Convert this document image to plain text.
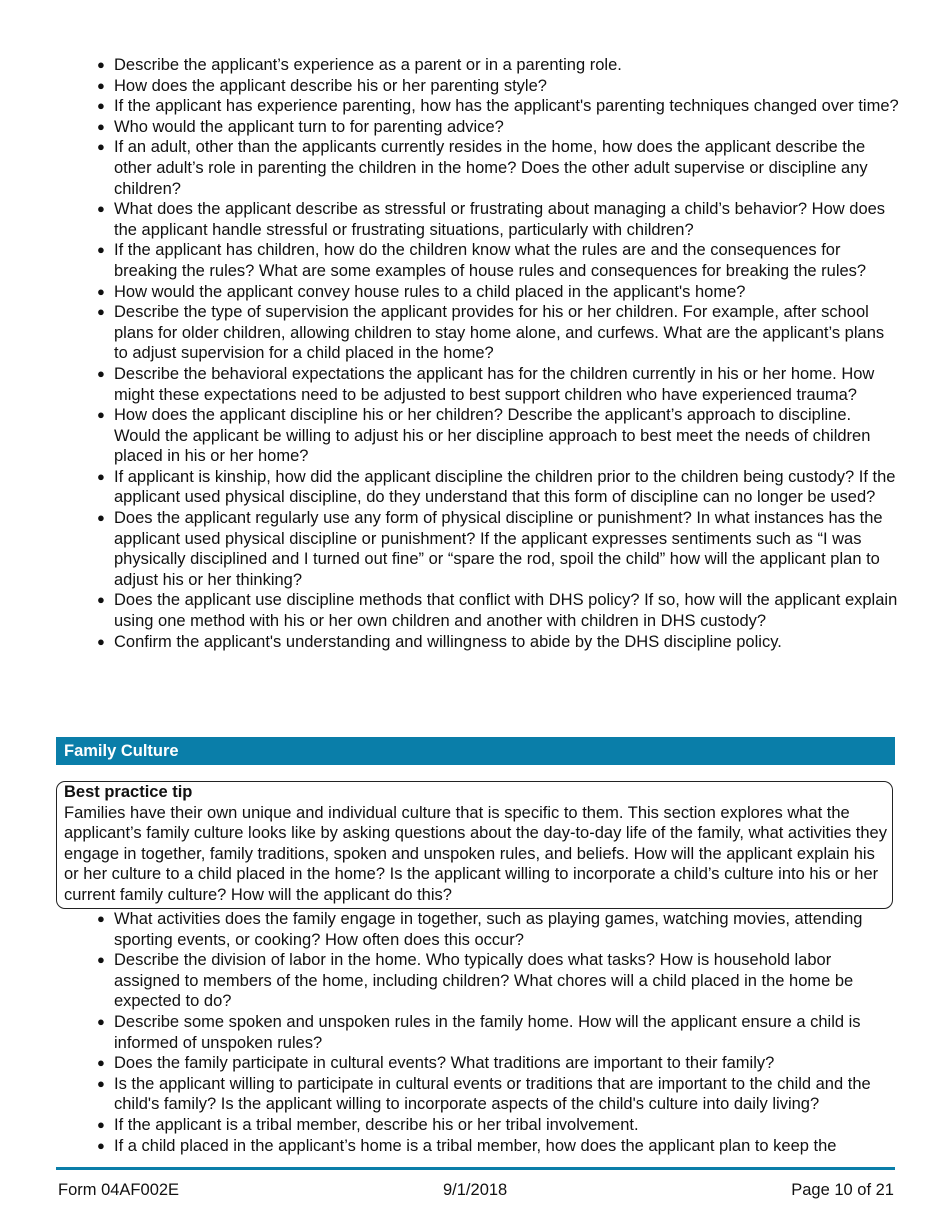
● Describe the applicant’s experience as a parent or in a parenting role.
● How does the applicant describe his or her parenting style?
● If the applicant has experience parenting, how has the applicant's parenting techniques changed over time?
● Who would the applicant turn to for parenting advice?
● If an adult, other than the applicants currently resides in the home, how does the applicant describe the other adult’s role in parenting the children in the home? Does the other adult supervise or discipline any children?
● What does the applicant describe as stressful or frustrating about managing a child’s behavior? How does the applicant handle stressful or frustrating situations, particularly with children?
● If the applicant has children, how do the children know what the rules are and the consequences for breaking the rules? What are some examples of house rules and consequences for breaking the rules?
● How would the applicant convey house rules to a child placed in the applicant's home?
● Describe the type of supervision the applicant provides for his or her children. For example, after school plans for older children, allowing children to stay home alone, and curfews. What are the applicant’s plans to adjust supervision for a child placed in the home?
● Describe the behavioral expectations the applicant has for the children currently in his or her home. How might these expectations need to be adjusted to best support children who have experienced trauma?
● How does the applicant discipline his or her children? Describe the applicant’s approach to discipline. Would the applicant be willing to adjust his or her discipline approach to best meet the needs of children placed in his or her home?
● If applicant is kinship, how did the applicant discipline the children prior to the children being custody? If the applicant used physical discipline, do they understand that this form of discipline can no longer be used?
● Does the applicant regularly use any form of physical discipline or punishment? In what instances has the applicant used physical discipline or punishment? If the applicant expresses sentiments such as “I was physically disciplined and I turned out fine” or “spare the rod, spoil the child” how will the applicant plan to adjust his or her thinking?
● Does the applicant use discipline methods that conflict with DHS policy? If so, how will the applicant explain using one method with his or her own children and another with children in DHS custody?
● Confirm the applicant's understanding and willingness to abide by the DHS discipline policy.
Family Culture
Best practice tip
Families have their own unique and individual culture that is specific to them. This section explores what the applicant’s family culture looks like by asking questions about the day-to-day life of the family, what activities they engage in together, family traditions, spoken and unspoken rules, and beliefs. How will the applicant explain his or her culture to a child placed in the home? Is the applicant willing to incorporate a child’s culture into his or her current family culture? How will the applicant do this?
● What activities does the family engage in together, such as playing games, watching movies, attending sporting events, or cooking? How often does this occur?
● Describe the division of labor in the home. Who typically does what tasks? How is household labor assigned to members of the home, including children? What chores will a child placed in the home be expected to do?
● Describe some spoken and unspoken rules in the family home. How will the applicant ensure a child is informed of unspoken rules?
● Does the family participate in cultural events? What traditions are important to their family?
● Is the applicant willing to participate in cultural events or traditions that are important to the child and the child's family? Is the applicant willing to incorporate aspects of the child's culture into daily living?
● If the applicant is a tribal member, describe his or her tribal involvement.
● If a child placed in the applicant’s home is a tribal member, how does the applicant plan to keep the
Form 04AF002E	9/1/2018	Page 10 of 21
